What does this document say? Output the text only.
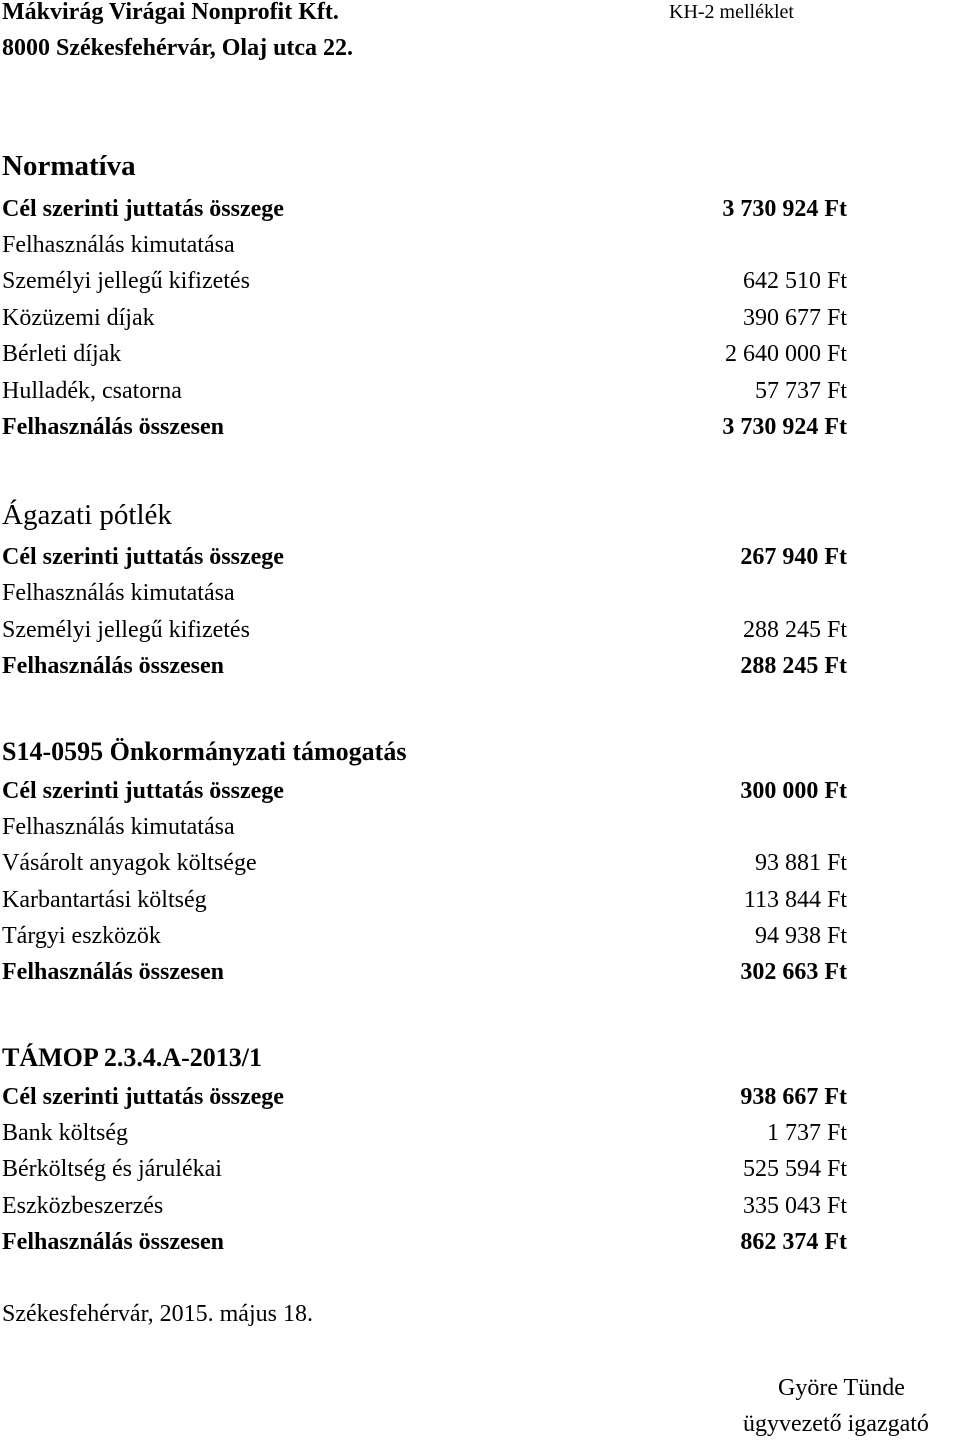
Mákvirág Virágai Nonprofit Kft.
8000 Székesfehérvár, Olaj utca 22.
KH-2 melléklet
Normatíva
Cél szerinti juttatás összege	3 730 924 Ft
Felhasználás kimutatása
Személyi jellegű kifizetés	642 510 Ft
Közüzemi díjak	390 677 Ft
Bérleti díjak	2 640 000 Ft
Hulladék, csatorna	57 737 Ft
Felhasználás összesen	3 730 924 Ft
Ágazati pótlék
Cél szerinti juttatás összege	267 940 Ft
Felhasználás kimutatása
Személyi jellegű kifizetés	288 245 Ft
Felhasználás összesen	288 245 Ft
S14-0595 Önkormányzati támogatás
Cél szerinti juttatás összege	300 000 Ft
Felhasználás kimutatása
Vásárolt anyagok költsége	93 881 Ft
Karbantartási költség	113 844 Ft
Tárgyi eszközök	94 938 Ft
Felhasználás összesen	302 663 Ft
TÁMOP 2.3.4.A-2013/1
Cél szerinti juttatás összege	938 667 Ft
Bank költség	1 737 Ft
Bérköltség és járulékai	525 594 Ft
Eszközbeszerzés	335 043 Ft
Felhasználás összesen	862 374 Ft
Székesfehérvár, 2015. május 18.
Györe Tünde
ügyvezető igazgató
